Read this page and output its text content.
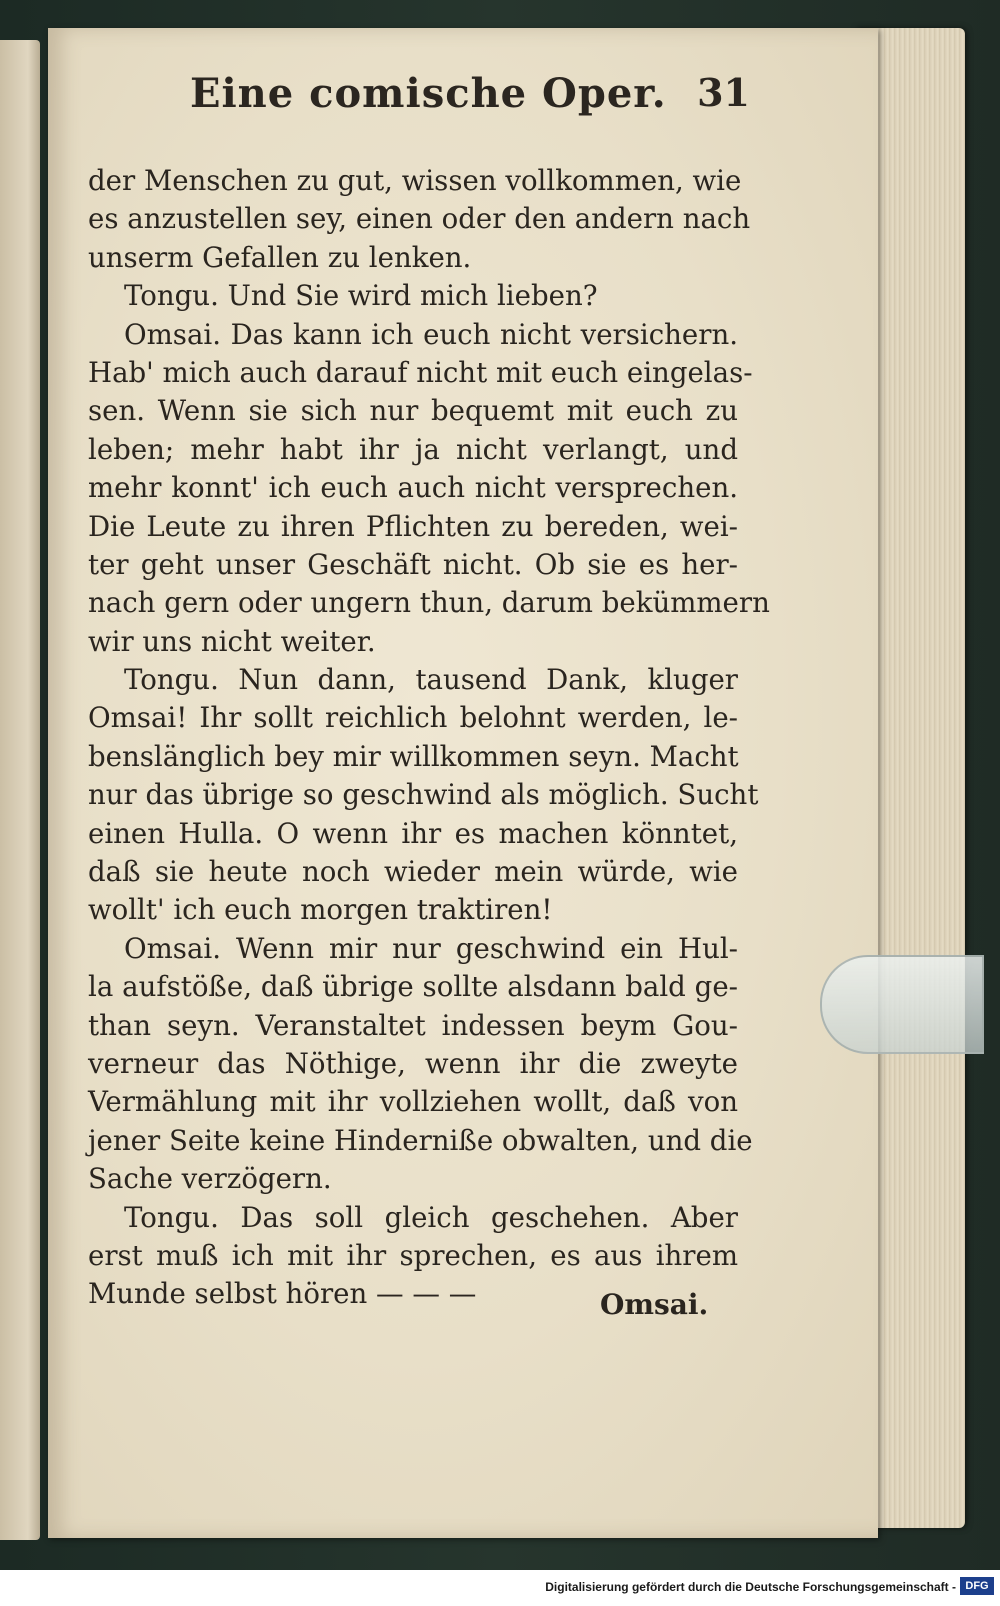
Eine comische Oper. 31
der Menschen zu gut, wissen vollkommen, wie
es anzustellen sey, einen oder den andern nach
unserm Gefallen zu lenken.
Tongu. Und Sie wird mich lieben?
Omsai. Das kann ich euch nicht versichern.
Hab' mich auch darauf nicht mit euch eingelas-
sen. Wenn sie sich nur bequemt mit euch zu
leben; mehr habt ihr ja nicht verlangt, und
mehr konnt' ich euch auch nicht versprechen.
Die Leute zu ihren Pflichten zu bereden, wei-
ter geht unser Geschäft nicht. Ob sie es her-
nach gern oder ungern thun, darum bekümmern
wir uns nicht weiter.
Tongu. Nun dann, tausend Dank, kluger
Omsai! Ihr sollt reichlich belohnt werden, le-
benslänglich bey mir willkommen seyn. Macht
nur das übrige so geschwind als möglich. Sucht
einen Hulla. O wenn ihr es machen könntet,
daß sie heute noch wieder mein würde, wie
wollt' ich euch morgen traktiren!
Omsai. Wenn mir nur geschwind ein Hul-
la aufstöße, daß übrige sollte alsdann bald ge-
than seyn. Veranstaltet indessen beym Gou-
verneur das Nöthige, wenn ihr die zweyte
Vermählung mit ihr vollziehen wollt, daß von
jener Seite keine Hinderniße obwalten, und die
Sache verzögern.
Tongu. Das soll gleich geschehen. Aber
erst muß ich mit ihr sprechen, es aus ihrem
Munde selbst hören — — —	Omsai.
Digitalisierung gefördert durch die Deutsche Forschungsgemeinschaft - DFG
